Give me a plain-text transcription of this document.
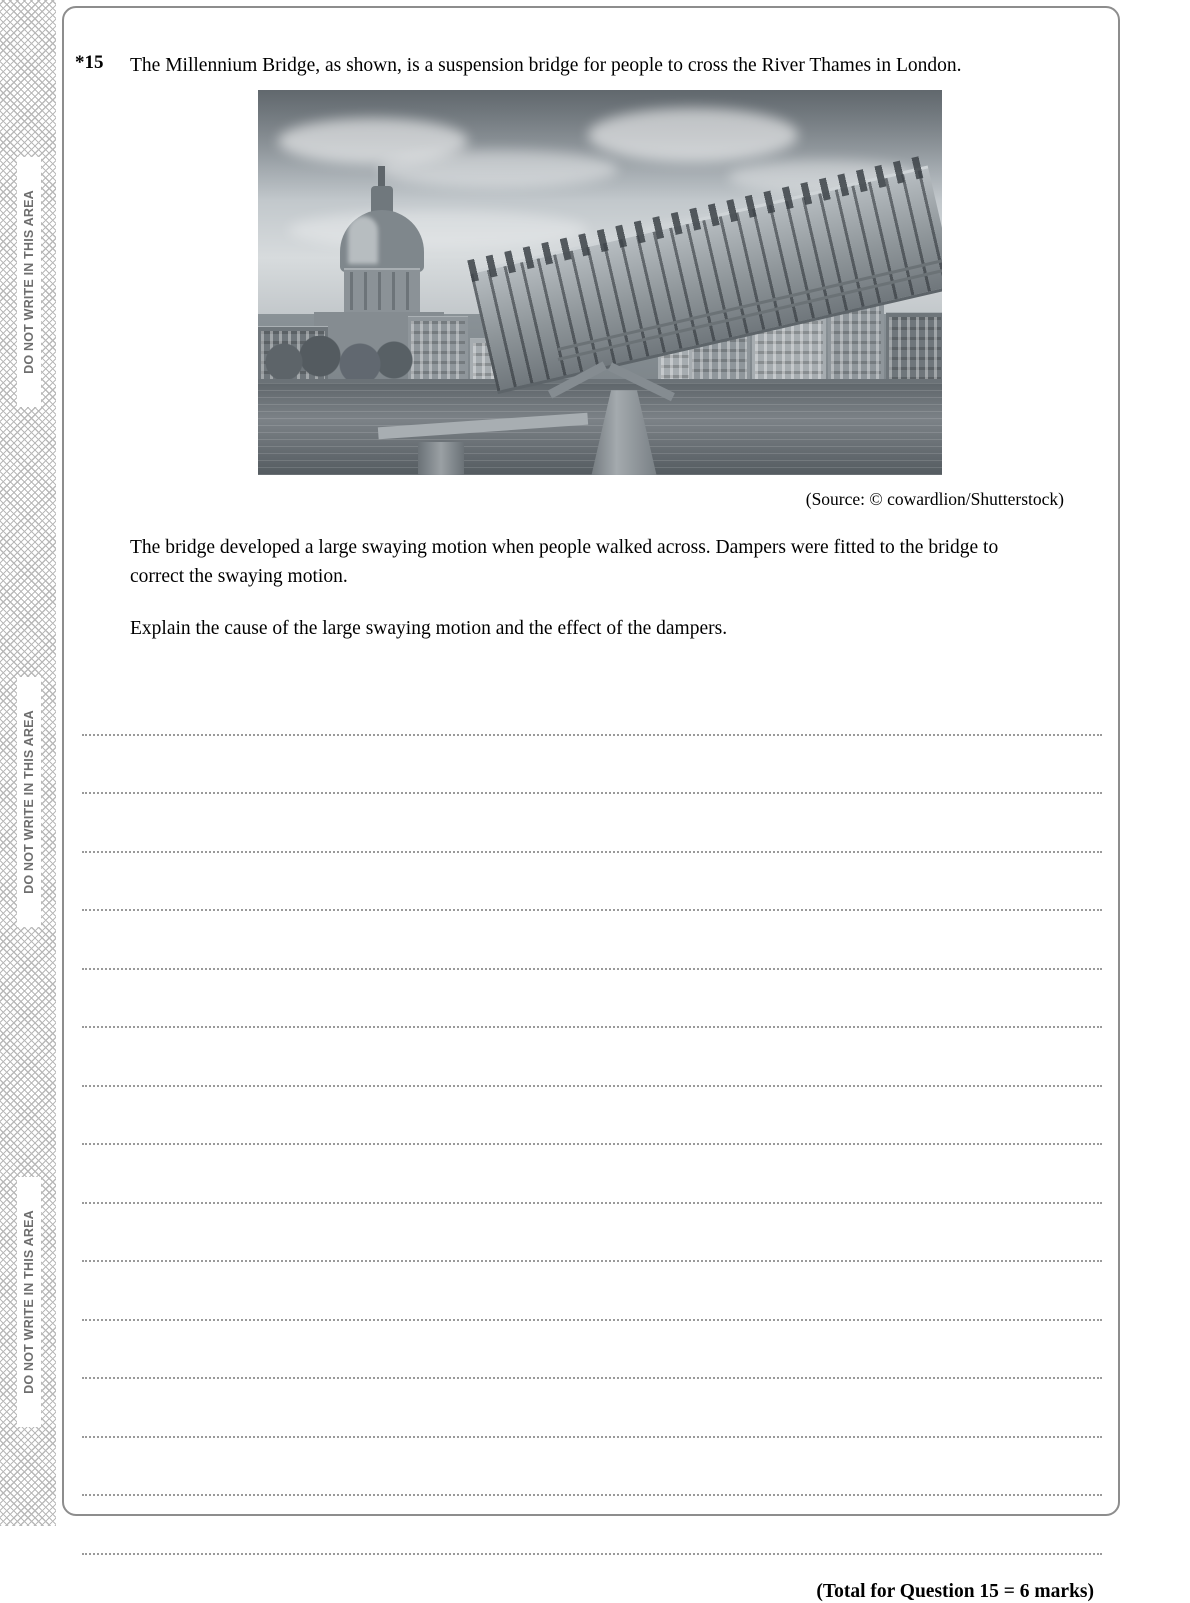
DO NOT WRITE IN THIS AREA
DO NOT WRITE IN THIS AREA
DO NOT WRITE IN THIS AREA
*15	The Millennium Bridge, as shown, is a suspension bridge for people to cross the River Thames in London.
(Source: © cowardlion/Shutterstock)
The bridge developed a large swaying motion when people walked across. Dampers were fitted to the bridge to correct the swaying motion.
Explain the cause of the large swaying motion and the effect of the dampers.
(Total for Question 15 = 6 marks)
